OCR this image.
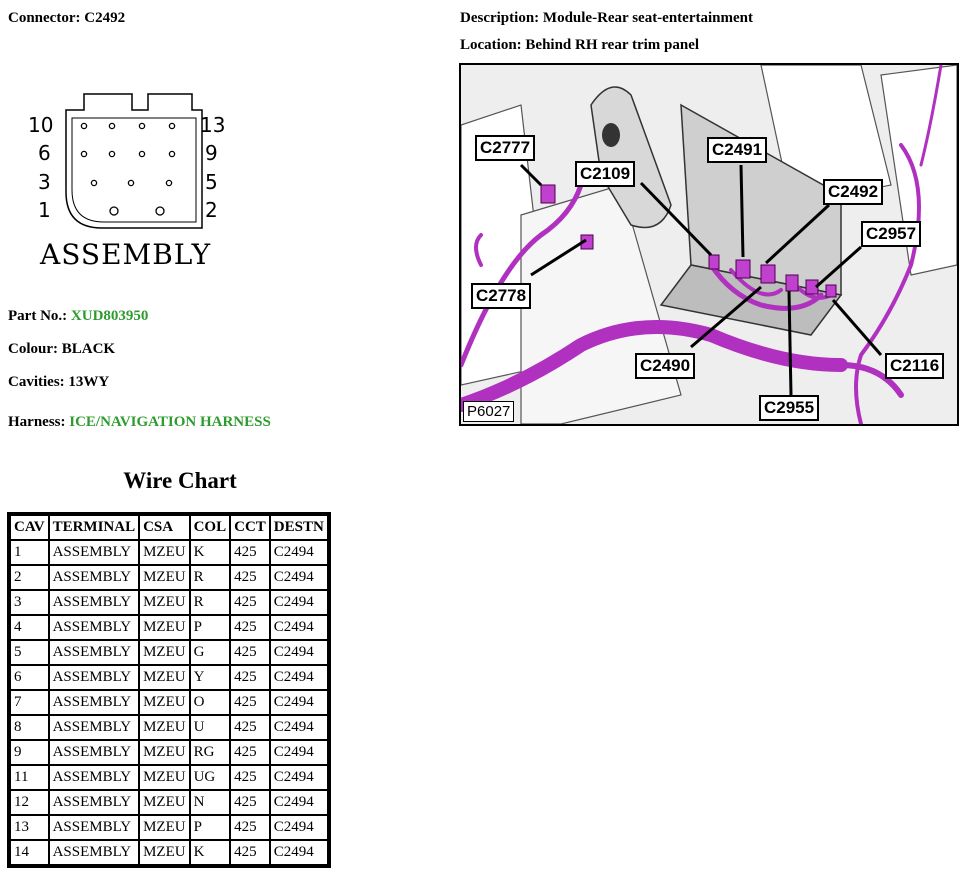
Connector: C2492	Description: Module-Rear seat-entertainment
Location: Behind RH rear trim panel
10
6
3
1
13
9
5
2
ASSEMBLY
Part No.: XUD803950
Colour: BLACK
Cavities: 13WY
Harness: ICE/NAVIGATION HARNESS
C2777
C2109
C2491
C2492
C2957
C2778
C2490	C2116
C2955
P6027
Wire Chart
CAV	TERMINAL	CSA	COL	CCT	DESTN
1	ASSEMBLY	MZEU	K	425	C2494
2	ASSEMBLY	MZEU	R	425	C2494
3	ASSEMBLY	MZEU	R	425	C2494
4	ASSEMBLY	MZEU	P	425	C2494
5	ASSEMBLY	MZEU	G	425	C2494
6	ASSEMBLY	MZEU	Y	425	C2494
7	ASSEMBLY	MZEU	O	425	C2494
8	ASSEMBLY	MZEU	U	425	C2494
9	ASSEMBLY	MZEU	RG	425	C2494
11	ASSEMBLY	MZEU	UG	425	C2494
12	ASSEMBLY	MZEU	N	425	C2494
13	ASSEMBLY	MZEU	P	425	C2494
14	ASSEMBLY	MZEU	K	425	C2494
